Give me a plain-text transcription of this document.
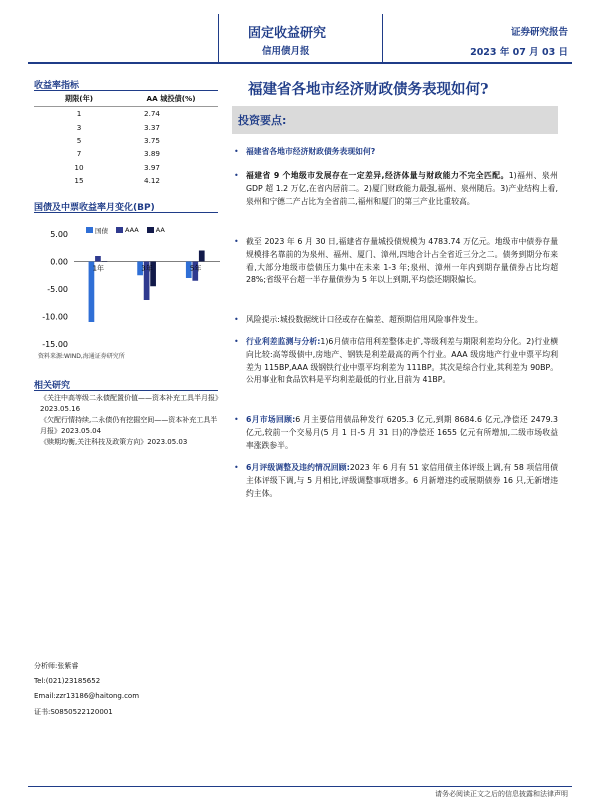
固定收益研究
信用债月报
证券研究报告
2023 年 07 月 03 日
收益率指标
期限(年)	AA 城投债(%)
1	2.74
3	3.37
5	3.75
7	3.89
10	3.97
15	4.12
国债及中票收益率月变化(BP)
国债	AAA	AA
5.00
0.00
-5.00
-10.00
-15.00
1年	3年	5年
资料来源:WIND,海通证券研究所
相关研究
《关注中高等级二永债配置价值——资本补充工具半月报》2023.05.16
《欠配行情持续,二永债仍有挖掘空间——资本补充工具半月报》2023.05.04
《赎期均衡,关注科技及政策方向》2023.05.03
分析师:张紫睿
Tel:(021)23185652
Email:zzr13186@haitong.com
证书:S0850522120001
福建省各地市经济财政债务表现如何?
投资要点:
• 福建省各地市经济财政债务表现如何?
• 福建省 9 个地级市发展存在一定差异,经济体量与财政能力不完全匹配。1)福州、泉州 GDP 超 1.2 万亿,在省内居前二。2)厦门财政能力最强,福州、泉州随后。3)产业结构上看,泉州和宁德二产占比为全省前二,福州和厦门的第三产业比重较高。
• 截至 2023 年 6 月 30 日,福建省存量城投债规模为 4783.74 万亿元。地级市中债券存量规模排名靠前的为泉州、福州、厦门、漳州,四地合计占全省近三分之二。债务到期分布来看,大部分地级市偿债压力集中在未来 1-3 年;泉州、漳州一年内到期存量债券占比均超 28%;省级平台超一半存量债券为 5 年以上到期,平均偿还期限偏长。
• 风险提示:城投数据统计口径或存在偏差、超预期信用风险事件发生。
• 行业利差监测与分析:1)6月债市信用利差整体走扩,等级利差与期限利差均分化。2)行业横向比较:高等级债中,房地产、钢铁是利差最高的两个行业。AAA 级房地产行业中票平均利差为 115BP,AAA 级钢铁行业中票平均利差为 111BP。其次是综合行业,其利差为 90BP。公用事业和食品饮料是平均利差最低的行业,目前为 41BP。
• 6月市场回顾:6 月主要信用债品种发行 6205.3 亿元,到期 8684.6 亿元,净偿还 2479.3 亿元,较前一个交易月(5 月 1 日-5 月 31 日)的净偿还 1655 亿元有所增加,二级市场收益率涨跌参半。
• 6月评级调整及违约情况回顾:2023 年 6 月有 51 家信用债主体评级上调,有 58 项信用债主体评级下调,与 5 月相比,评级调整事项增多。6 月新增违约或展期债券 16 只,无新增违约主体。
请务必阅读正文之后的信息披露和法律声明
